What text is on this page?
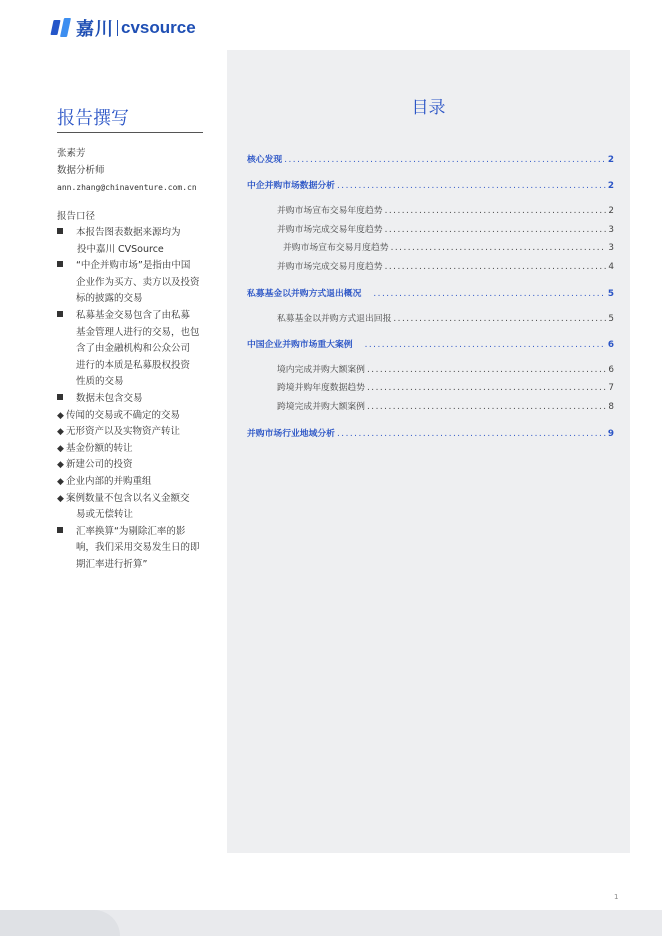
嘉川 cvsource
报告撰写
张素芳
数据分析师
ann.zhang@chinaventure.com.cn
报告口径
本报告图表数据来源均为
投中嘉川 CVSource
“中企并购市场”是指由中国
企业作为买方、卖方以及投资
标的披露的交易
私募基金交易包含了由私募
基金管理人进行的交易，也包
含了由金融机构和公众公司
进行的本质是私募股权投资
性质的交易
数据未包含交易
◆ 传闻的交易或不确定的交易
◆ 无形资产以及实物资产转让
◆ 基金份额的转让
◆ 新建公司的投资
◆ 企业内部的并购重组
◆ 案例数量不包含以名义金额交
易或无偿转让
汇率换算“为剔除汇率的影
响，我们采用交易发生日的即
期汇率进行折算”
目录
核心发现 .....	2
中企并购市场数据分析 .....	2
并购市场宣布交易年度趋势 .....	2
并购市场完成交易年度趋势 .....	3
并购市场宣布交易月度趋势 .....	3
并购市场完成交易月度趋势 .....	4
私募基金以并购方式退出概况 .....	5
私募基金以并购方式退出回报 .....	5
中国企业并购市场重大案例 .....	6
境内完成并购大额案例 .....	6
跨境并购年度数据趋势 .....	7
跨境完成并购大额案例 .....	8
并购市场行业地域分析 .....	9
1
